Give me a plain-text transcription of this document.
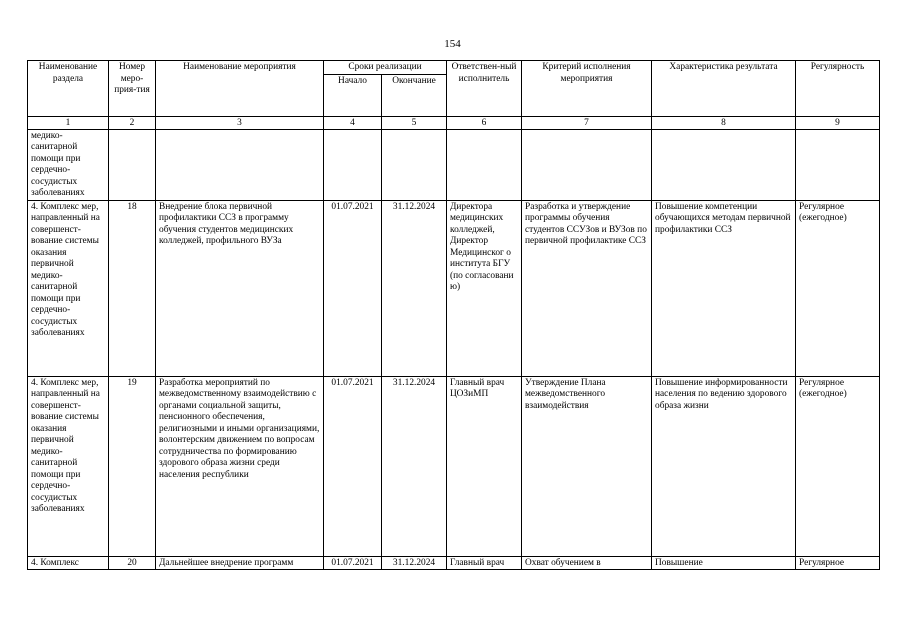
154
Наименование раздела	Номер меро-прия-тия	Наименование мероприятия	Сроки реализации		Ответствен-ный исполнитель	Критерий исполнения мероприятия	Характеристика результата	Регулярность
			Начало	Окончание				
1	2	3	4	5	6	7	8	9
медико-санитарной помощи при сердечно-сосудистых заболеваниях								
4. Комплекс мер, направленный на совершенст-вование системы оказания первичной медико-санитарной помощи при сердечно-сосудистых заболеваниях	18	Внедрение блока первичной профилактики ССЗ в программу обучения студентов медицинских колледжей, профильного ВУЗа	01.07.2021	31.12.2024	Директора медицинских колледжей, Директор Медицинског о института БГУ (по согласовани ю)	Разработка и утверждение программы обучения студентов ССУЗов и ВУЗов по первичной профилактике ССЗ	Повышение компетенции обучающихся методам первичной профилактики ССЗ	Регулярное (ежегодное)
4. Комплекс мер, направленный на совершенст-вование системы оказания первичной медико-санитарной помощи при сердечно-сосудистых заболеваниях	19	Разработка мероприятий по межведомственному взаимодействию с органами социальной защиты, пенсионного обеспечения, религиозными и иными организациями, волонтерским движением по вопросам сотрудничества по формированию здорового образа жизни среди населения республики	01.07.2021	31.12.2024	Главный врач ЦОЗиМП	Утверждение Плана межведомственного взаимодействия	Повышение информированности населения по ведению здорового образа жизни	Регулярное (ежегодное)
4. Комплекс	20	Дальнейшее внедрение программ	01.07.2021	31.12.2024	Главный врач	Охват обучением в	Повышение	Регулярное
